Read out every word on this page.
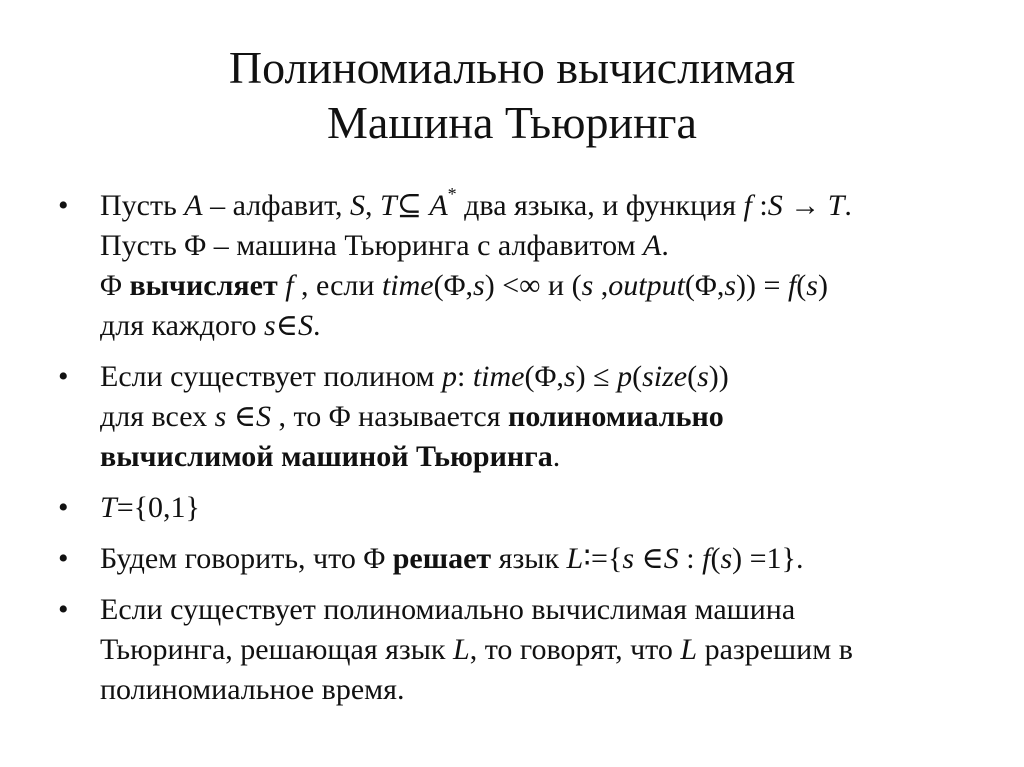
Полиномиально вычислимая
Машина Тьюринга
•	Пусть A – алфавит, S, T⊆ A* два языка, и функция f :S → T.
Пусть Φ – машина Тьюринга с алфавитом A.
Φ вычисляет f , если time(Φ,s) <∞ и (s ,output(Φ,s)) = f(s)
для каждого s∈S.
•	Если существует полином p: time(Φ,s) ≤ p(size(s))
для всех s ∈S , то Φ называется полиномиально
вычислимой машиной Тьюринга.
•	T={0,1}
•	Будем говорить, что Φ решает язык L∶={s ∈S : f(s) =1}.
•	Если существует полиномиально вычислимая машина
Тьюринга, решающая язык L, то говорят, что L разрешим в
полиномиальное время.
